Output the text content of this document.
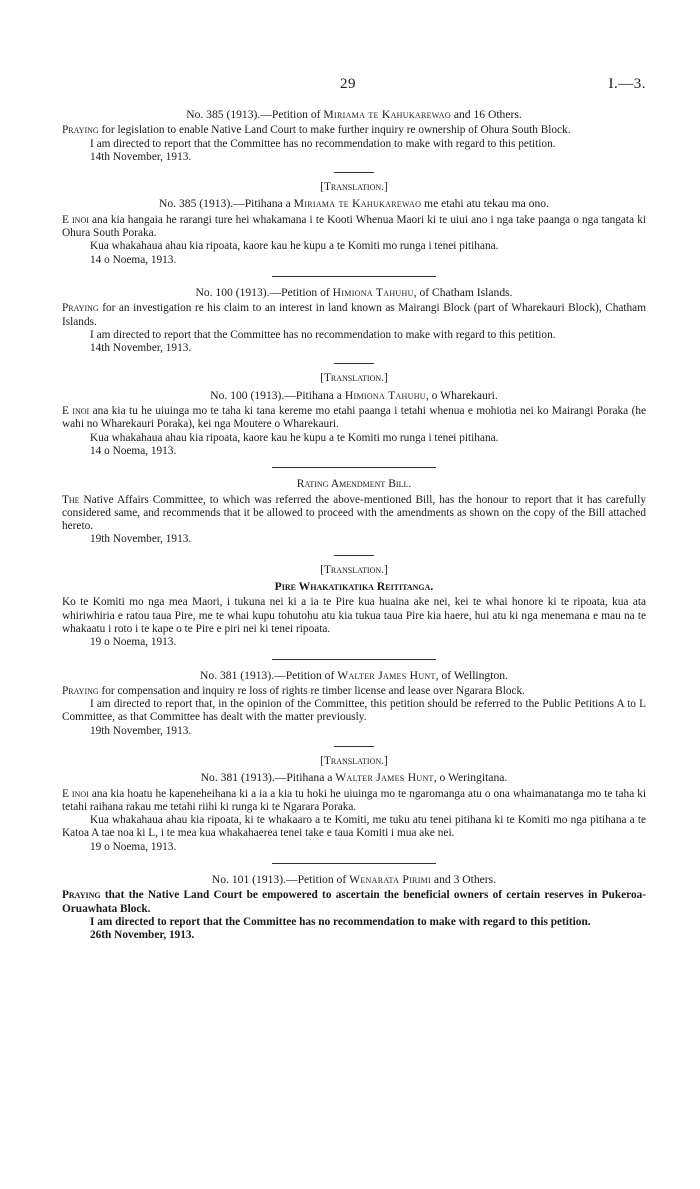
29	I.—3.

No. 385 (1913).—Petition of Miriama te Kahukarewao and 16 Others.

Praying for legislation to enable Native Land Court to make further inquiry re ownership of Ohura South Block.

I am directed to report that the Committee has no recommendation to make with regard to this petition.

14th November, 1913.

[Translation.]

No. 385 (1913).—Pitihana a Miriama te Kahukarewao me etahi atu tekau ma ono.

E inoi ana kia hangaia he rarangi ture hei whakamana i te Kooti Whenua Maori ki te uiui ano i nga take paanga o nga tangata ki Ohura South Poraka.

Kua whakahaua ahau kia ripoata, kaore kau he kupu a te Komiti mo runga i tenei pitihana.

14 o Noema, 1913.

No. 100 (1913).—Petition of Himiona Tahuhu, of Chatham Islands.

Praying for an investigation re his claim to an interest in land known as Mairangi Block (part of Wharekauri Block), Chatham Islands.

I am directed to report that the Committee has no recommendation to make with regard to this petition.

14th November, 1913.

[Translation.]

No. 100 (1913).—Pitihana a Himiona Tahuhu, o Wharekauri.

E inoi ana kia tu he uiuinga mo te taha ki tana kereme mo etahi paanga i tetahi whenua e mohiotia nei ko Mairangi Poraka (he wahi no Wharekauri Poraka), kei nga Moutere o Wharekauri.

Kua whakahaua ahau kia ripoata, kaore kau he kupu a te Komiti mo runga i tenei pitihana.

14 o Noema, 1913.

Rating Amendment Bill.

The Native Affairs Committee, to which was referred the above-mentioned Bill, has the honour to report that it has carefully considered same, and recommends that it be allowed to proceed with the amendments as shown on the copy of the Bill attached hereto.

19th November, 1913.

[Translation.]

Pire Whakatikatika Reititanga.

Ko te Komiti mo nga mea Maori, i tukuna nei ki a ia te Pire kua huaina ake nei, kei te whai honore ki te ripoata, kua ata whiriwhiria e ratou taua Pire, me te whai kupu tohutohu atu kia tukua taua Pire kia haere, hui atu ki nga menemana e mau na te whakaatu i roto i te kape o te Pire e piri nei ki tenei ripoata.

19 o Noema, 1913.

No. 381 (1913).—Petition of Walter James Hunt, of Wellington.

Praying for compensation and inquiry re loss of rights re timber license and lease over Ngarara Block.

I am directed to report that, in the opinion of the Committee, this petition should be referred to the Public Petitions A to L Committee, as that Committee has dealt with the matter previously.

19th November, 1913.

[Translation.]

No. 381 (1913).—Pitihana a Walter James Hunt, o Weringitana.

E inoi ana kia hoatu he kapeneheihana ki a ia a kia tu hoki he uiuinga mo te ngaromanga atu o ona whaimanatanga mo te taha ki tetahi raihana rakau me tetahi riihi ki runga ki te Ngarara Poraka.

Kua whakahaua ahau kia ripoata, ki te whakaaro a te Komiti, me tuku atu tenei pitihana ki te Komiti mo nga pitihana a te Katoa A tae noa ki L, i te mea kua whakahaerea tenei take e taua Komiti i mua ake nei.

19 o Noema, 1913.

No. 101 (1913).—Petition of Wenarata Pirimi and 3 Others.

Praying that the Native Land Court be empowered to ascertain the beneficial owners of certain reserves in Pukeroa-Oruawhata Block.

I am directed to report that the Committee has no recommendation to make with regard to this petition.

26th November, 1913.
